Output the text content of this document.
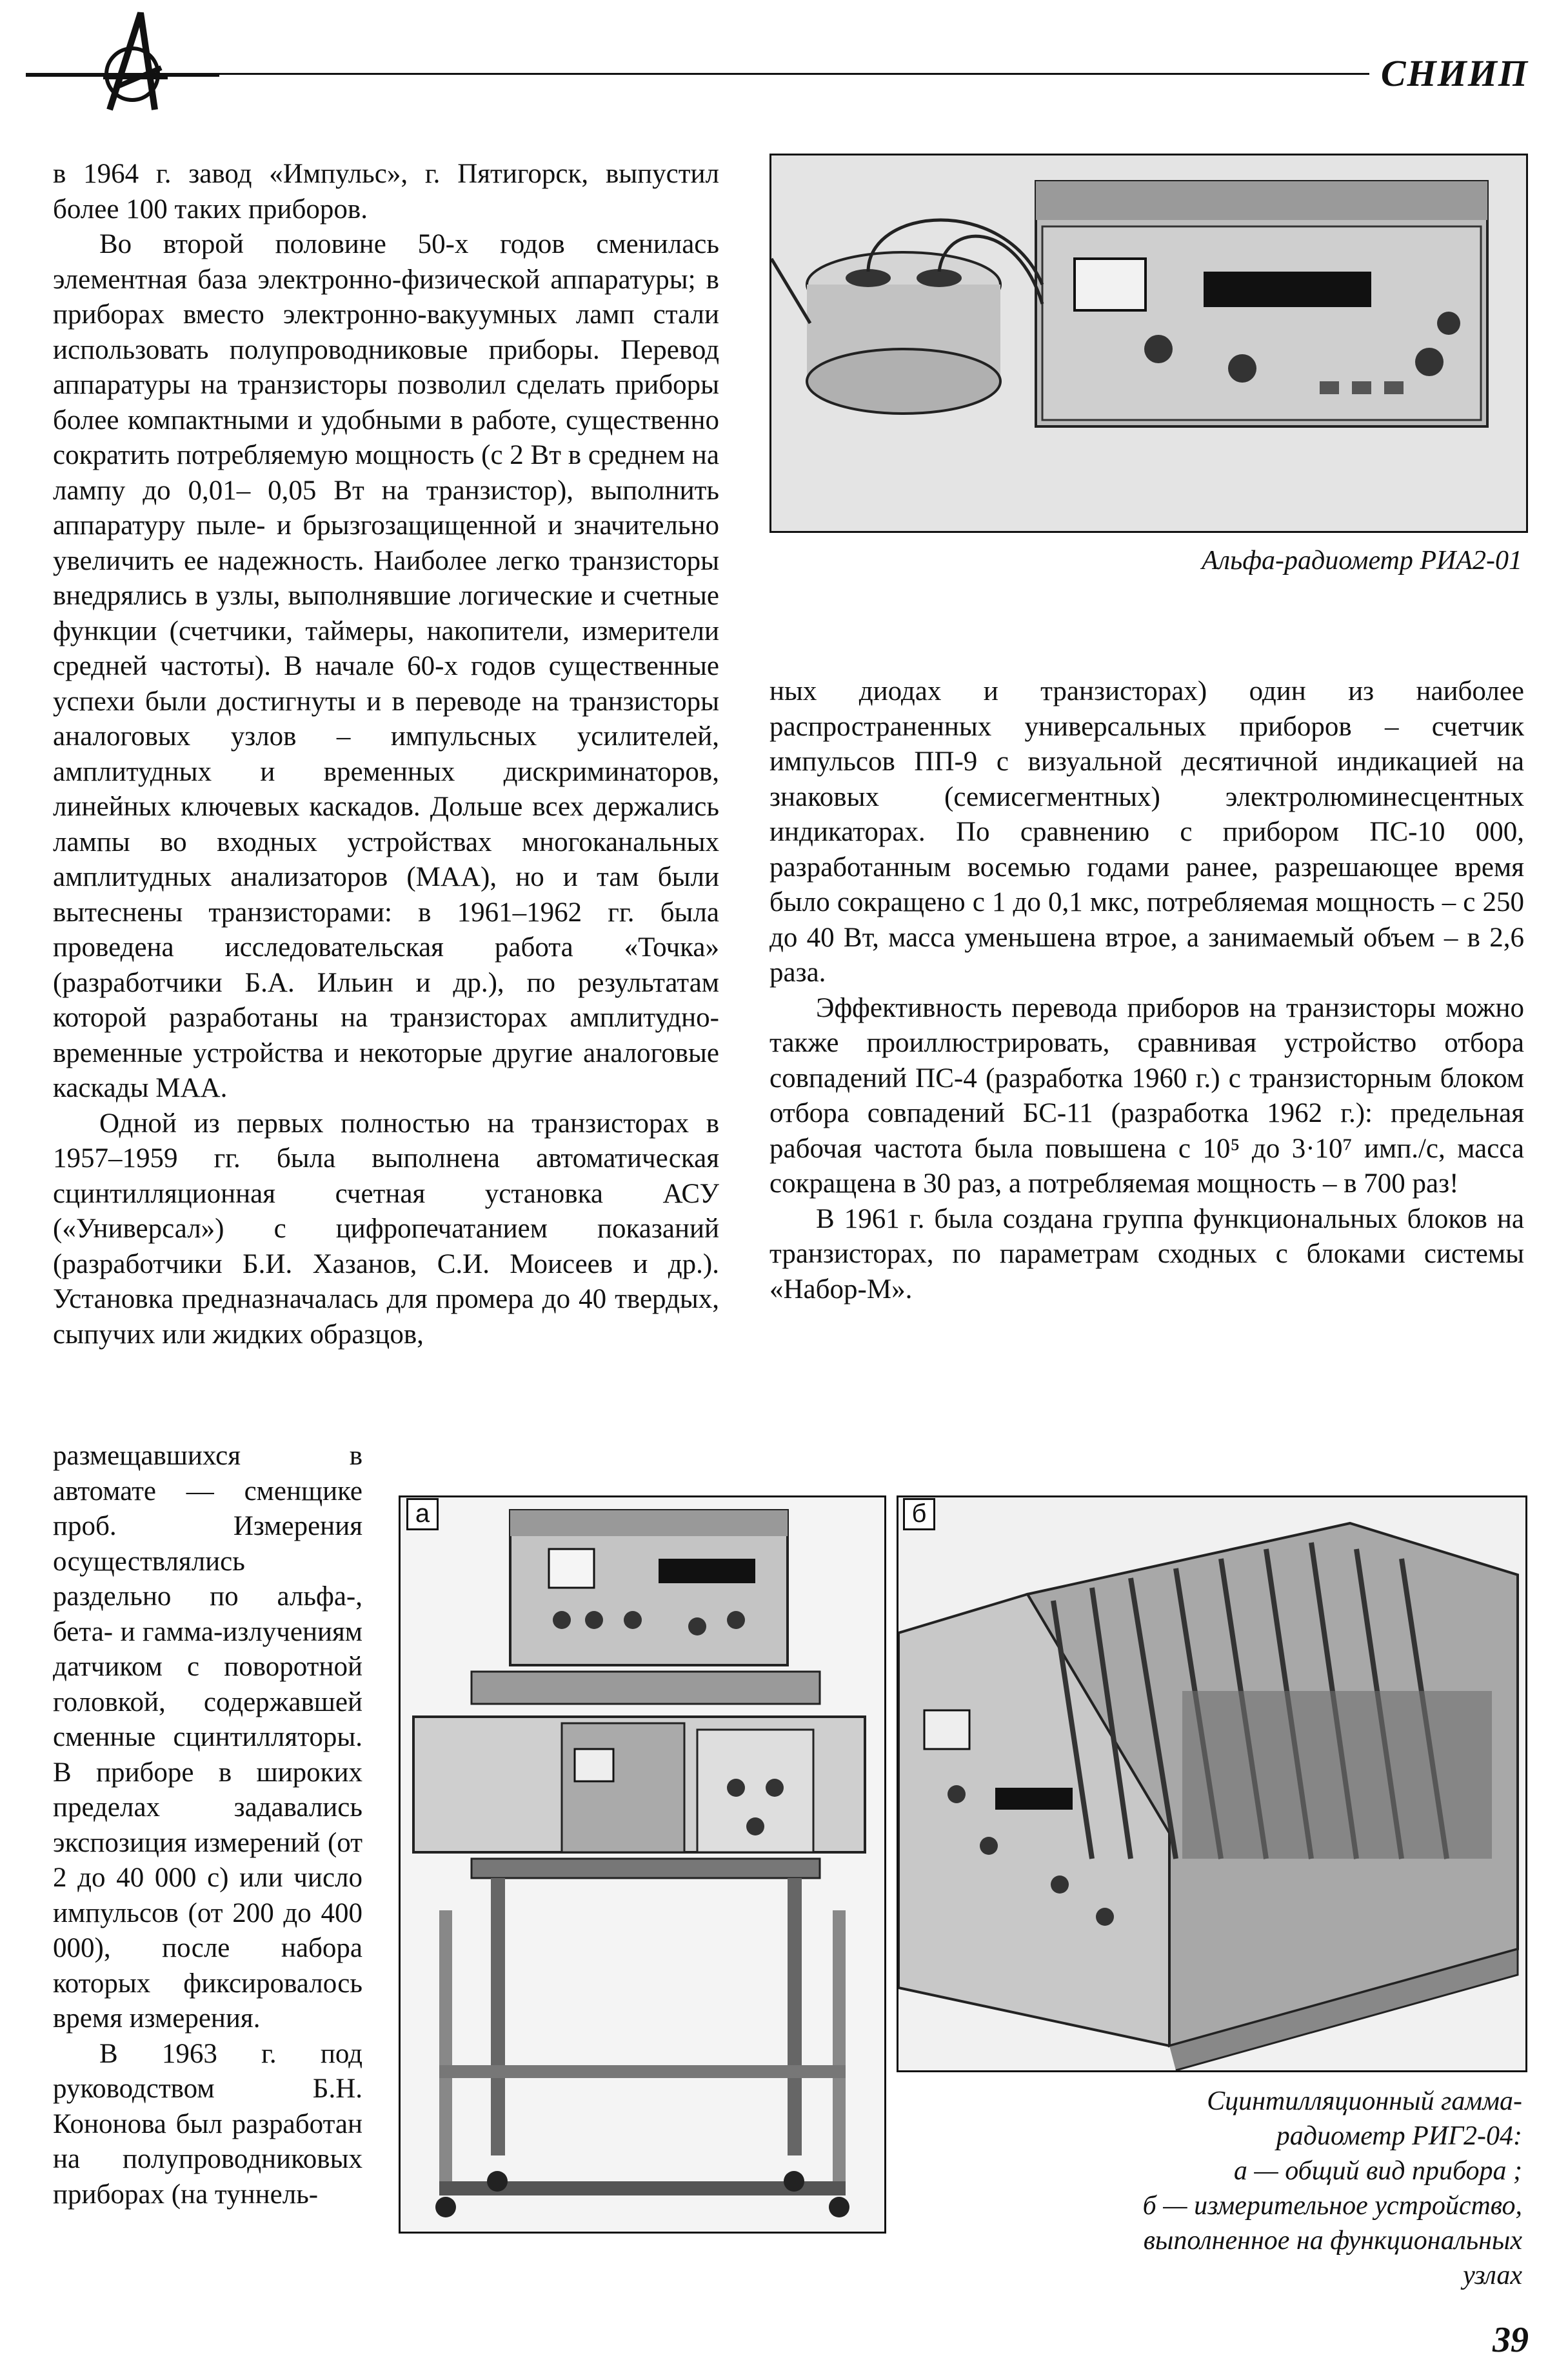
СНИИП

в 1964 г. завод «Импульс», г. Пятигорск, выпустил более 100 таких приборов.

Во второй половине 50-х годов сменилась элементная база электронно-физической аппаратуры; в приборах вместо электронно-вакуумных ламп стали использовать полупроводниковые приборы. Перевод аппаратуры на транзисторы позволил сделать приборы более компактными и удобными в работе, существенно сократить потребляемую мощность (с 2 Вт в среднем на лампу до 0,01– 0,05 Вт на транзистор), выполнить аппаратуру пыле- и брызгозащищенной и значительно увеличить ее надежность. Наиболее легко транзисторы внедрялись в узлы, выполнявшие логические и счетные функции (счетчики, таймеры, накопители, измерители средней частоты). В начале 60-х годов существенные успехи были достигнуты и в переводе на транзисторы аналоговых узлов – импульсных усилителей, амплитудных и временных дискриминаторов, линейных ключевых каскадов. Дольше всех держались лампы во входных устройствах многоканальных амплитудных анализаторов (МАА), но и там были вытеснены транзисторами: в 1961–1962 гг. была проведена исследовательская работа «Точка» (разработчики Б.А. Ильин и др.), по результатам которой разработаны на транзисторах амплитудно-временные устройства и некоторые другие аналоговые каскады МАА.

Одной из первых полностью на транзисторах в 1957–1959 гг. была выполнена автоматическая сцинтилляционная счетная установка АСУ («Универсал») с цифропечатанием показаний (разработчики Б.И. Хазанов, С.И. Моисеев и др.). Установка предназначалась для промера до 40 твердых, сыпучих или жидких образцов,

размещавшихся в автомате — сменщике проб. Измерения осуществлялись раздельно по альфа-, бета- и гамма-излучениям датчиком с поворотной головкой, содержавшей сменные сцинтилляторы. В приборе в широких пределах задавались экспозиция измерений (от 2 до 40 000 с) или число импульсов (от 200 до 400 000), после набора которых фиксировалось время измерения.

В 1963 г. под руководством Б.Н. Кононова был разработан на полупроводниковых приборах (на туннель-

Альфа-радиометр РИА2-01

ных диодах и транзисторах) один из наиболее распространенных универсальных приборов – счетчик импульсов ПП-9 с визуальной десятичной индикацией на знаковых (семисегментных) электролюминесцентных индикаторах. По сравнению с прибором ПС-10 000, разработанным восемью годами ранее, разрешающее время было сокращено с 1 до 0,1 мкс, потребляемая мощность – с 250 до 40 Вт, масса уменьшена втрое, а занимаемый объем – в 2,6 раза.

Эффективность перевода приборов на транзисторы можно также проиллюстрировать, сравнивая устройство отбора совпадений ПС-4 (разработка 1960 г.) с транзисторным блоком отбора совпадений БС-11 (разработка 1962 г.): предельная рабочая частота была повышена с 10⁵ до 3·10⁷ имп./с, масса сокращена в 30 раз, а потребляемая мощность – в 700 раз!

В 1961 г. была создана группа функциональных блоков на транзисторах, по параметрам сходных с блоками системы «Набор-М».

а	б
Сцинтилляционный гамма-
радиометр РИГ2-04:
а — общий вид прибора ;
б — измерительное устройство,
выполненное на функциональных
узлах
39
